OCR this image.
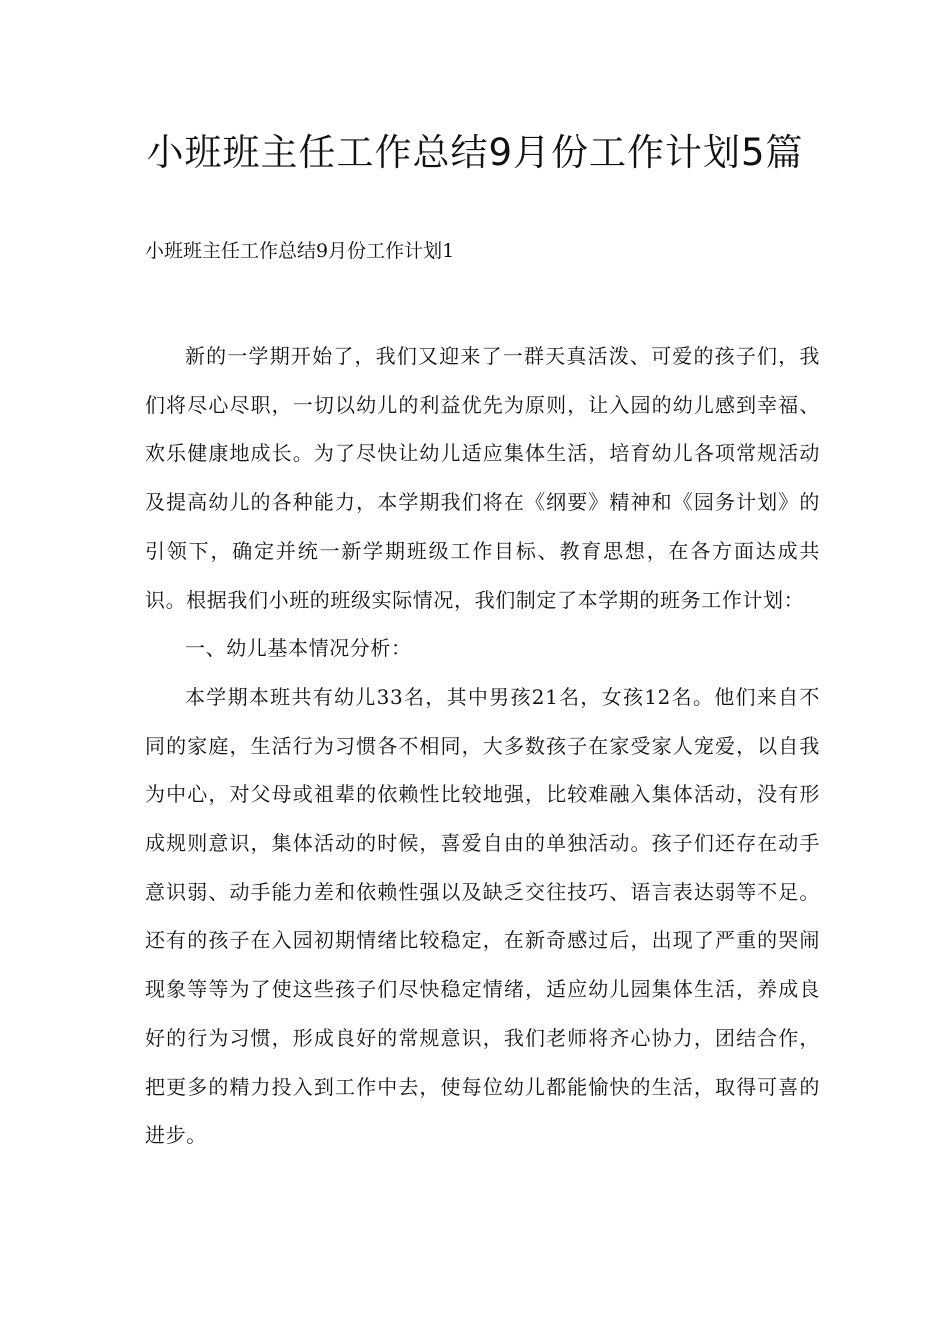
小班班主任工作总结9月份工作计划5篇

小班班主任工作总结9月份工作计划1

新的一学期开始了，我们又迎来了一群天真活泼、可爱的孩子们，我们将尽心尽职，一切以幼儿的利益优先为原则，让入园的幼儿感到幸福、欢乐健康地成长。为了尽快让幼儿适应集体生活，培育幼儿各项常规活动及提高幼儿的各种能力，本学期我们将在《纲要》精神和《园务计划》的引领下，确定并统一新学期班级工作目标、教育思想，在各方面达成共识。根据我们小班的班级实际情况，我们制定了本学期的班务工作计划：

一、幼儿基本情况分析：

本学期本班共有幼儿33名，其中男孩21名，女孩12名。他们来自不同的家庭，生活行为习惯各不相同，大多数孩子在家受家人宠爱，以自我为中心，对父母或祖辈的依赖性比较地强，比较难融入集体活动，没有形成规则意识，集体活动的时候，喜爱自由的单独活动。孩子们还存在动手意识弱、动手能力差和依赖性强以及缺乏交往技巧、语言表达弱等不足。还有的孩子在入园初期情绪比较稳定，在新奇感过后，出现了严重的哭闹现象等等为了使这些孩子们尽快稳定情绪，适应幼儿园集体生活，养成良好的行为习惯，形成良好的常规意识，我们老师将齐心协力，团结合作，把更多的精力投入到工作中去，使每位幼儿都能愉快的生活，取得可喜的进步。
